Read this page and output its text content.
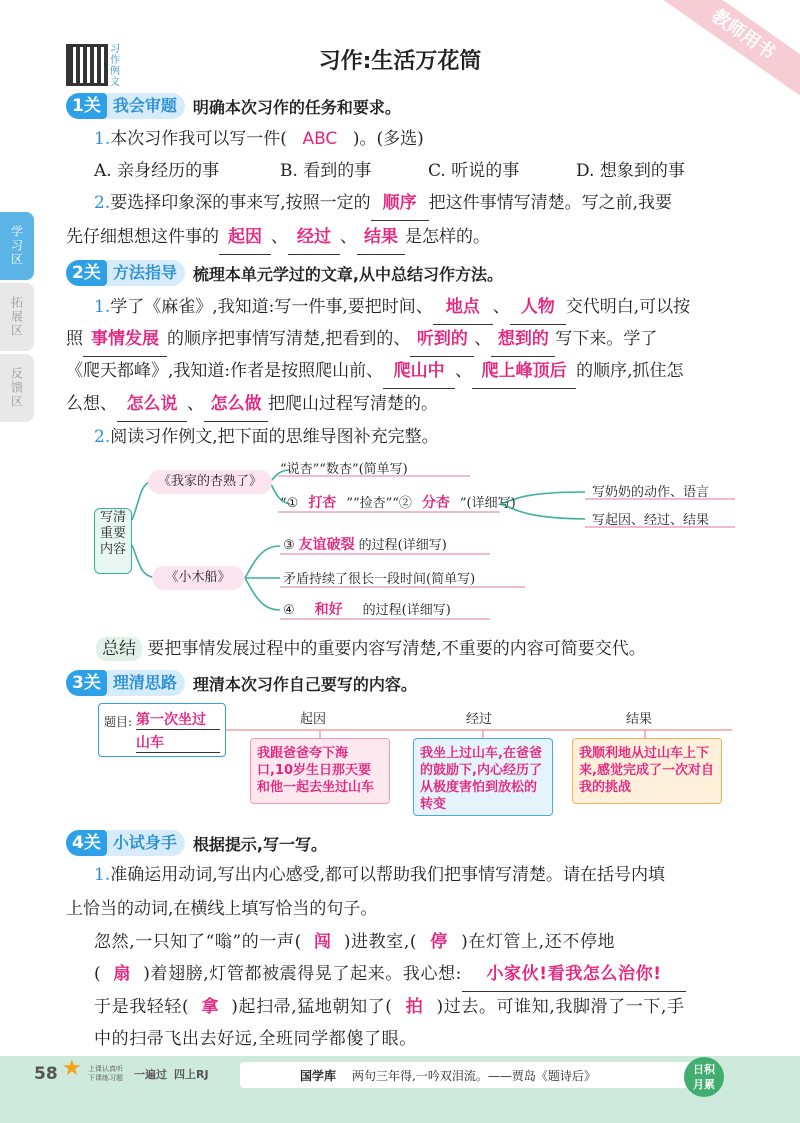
教师用书
习作例文
习作:生活万花筒
学习区
拓展区
反馈区
1关 我会审题	明确本次习作的任务和要求。
1.本次习作我可以写一件( ABC )。(多选)
A. 亲身经历的事	B. 看到的事	C. 听说的事	D. 想象到的事
2.要选择印象深的事来写,按照一定的 顺序 把这件事情写清楚。写之前,我要
先仔细想想这件事的 起因 、 经过 、 结果 是怎样的。
2关 方法指导	梳理本单元学过的文章,从中总结习作方法。
1.学了《麻雀》,我知道:写一件事,要把时间、 地点 、 人物 交代明白,可以按
照 事情发展 的顺序把事情写清楚,把看到的、 听到的 、 想到的 写下来。学了
《爬天都峰》,我知道:作者是按照爬山前、 爬山中 、 爬上峰顶后 的顺序,抓住怎
么想、 怎么说 、 怎么做 把爬山过程写清楚的。
2.阅读习作例文,把下面的思维导图补充完整。
写清重要内容
《我家的杏熟了》
《小木船》
“说杏”“数杏”(简单写)
“① 打杏 ”“捡杏”“② 分杏 ”(详细写)
写奶奶的动作、语言
写起因、经过、结果
③ 友谊破裂 的过程(详细写)
矛盾持续了很长一段时间(简单写)
④ 和好 的过程(详细写)
总结 要把事情发展过程中的重要内容写清楚,不重要的内容可简要交代。
3关 理清思路	理清本次习作自己要写的内容。
题目: 第一次坐过
山车
起因	经过	结果
我跟爸爸夸下海口,10岁生日那天要和他一起去坐过山车
我坐上过山车,在爸爸的鼓励下,内心经历了从极度害怕到放松的转变
我顺利地从过山车上下来,感觉完成了一次对自我的挑战
4关 小试身手	根据提示,写一写。
1.准确运用动词,写出内心感受,都可以帮助我们把事情写清楚。请在括号内填
上恰当的动词,在横线上填写恰当的句子。
忽然,一只知了“嗡”的一声( 闯 )进教室,( 停 )在灯管上,还不停地
( 扇 )着翅膀,灯管都被震得晃了起来。我心想: 小家伙!看我怎么治你!
于是我轻轻( 拿 )起扫帚,猛地朝知了( 拍 )过去。可谁知,我脚滑了一下,手
中的扫帚飞出去好远,全班同学都傻了眼。
58 ★ 上课认真听
下课练习题 一遍过 四上RJ	国学库 两句三年得,一吟双泪流。——贾岛《题诗后》	日积
月累
